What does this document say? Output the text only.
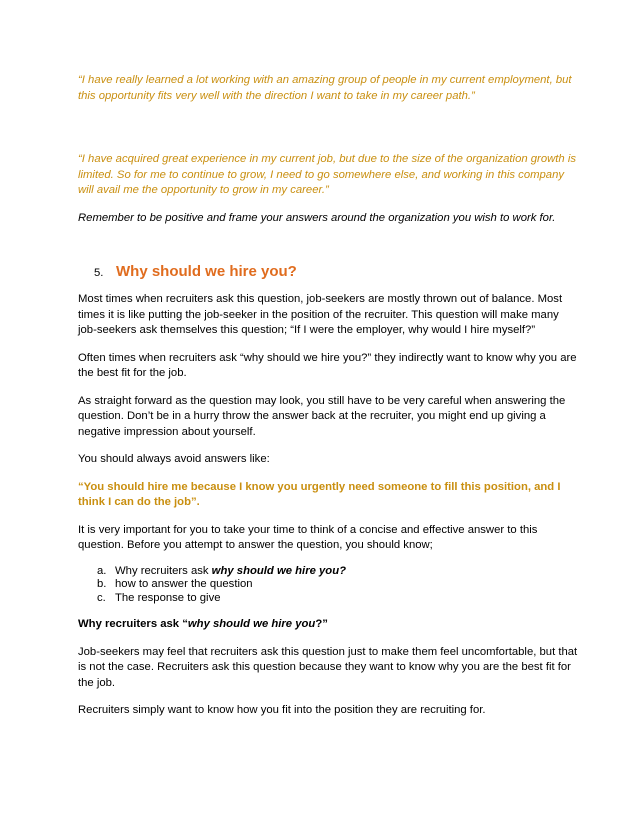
“I have really learned a lot working with an amazing group of people in my current employment, but this opportunity fits very well with the direction I want to take in my career path.”

“I have acquired great experience in my current job, but due to the size of the organization growth is limited. So for me to continue to grow, I need to go somewhere else, and working in this company will avail me the opportunity to grow in my career.”

Remember to be positive and frame your answers around the organization you wish to work for.

5. Why should we hire you?

Most times when recruiters ask this question, job-seekers are mostly thrown out of balance. Most times it is like putting the job-seeker in the position of the recruiter. This question will make many job-seekers ask themselves this question; “If I were the employer, why would I hire myself?”

Often times when recruiters ask “why should we hire you?” they indirectly want to know why you are the best fit for the job.

As straight forward as the question may look, you still have to be very careful when answering the question. Don’t be in a hurry throw the answer back at the recruiter, you might end up giving a negative impression about yourself.

You should always avoid answers like:

“You should hire me because I know you urgently need someone to fill this position, and I think I can do the job”.

It is very important for you to take your time to think of a concise and effective answer to this question. Before you attempt to answer the question, you should know;

a. Why recruiters ask why should we hire you?
b. how to answer the question
c. The response to give

Why recruiters ask “why should we hire you?”

Job-seekers may feel that recruiters ask this question just to make them feel uncomfortable, but that is not the case. Recruiters ask this question because they want to know why you are the best fit for the job.

Recruiters simply want to know how you fit into the position they are recruiting for.
